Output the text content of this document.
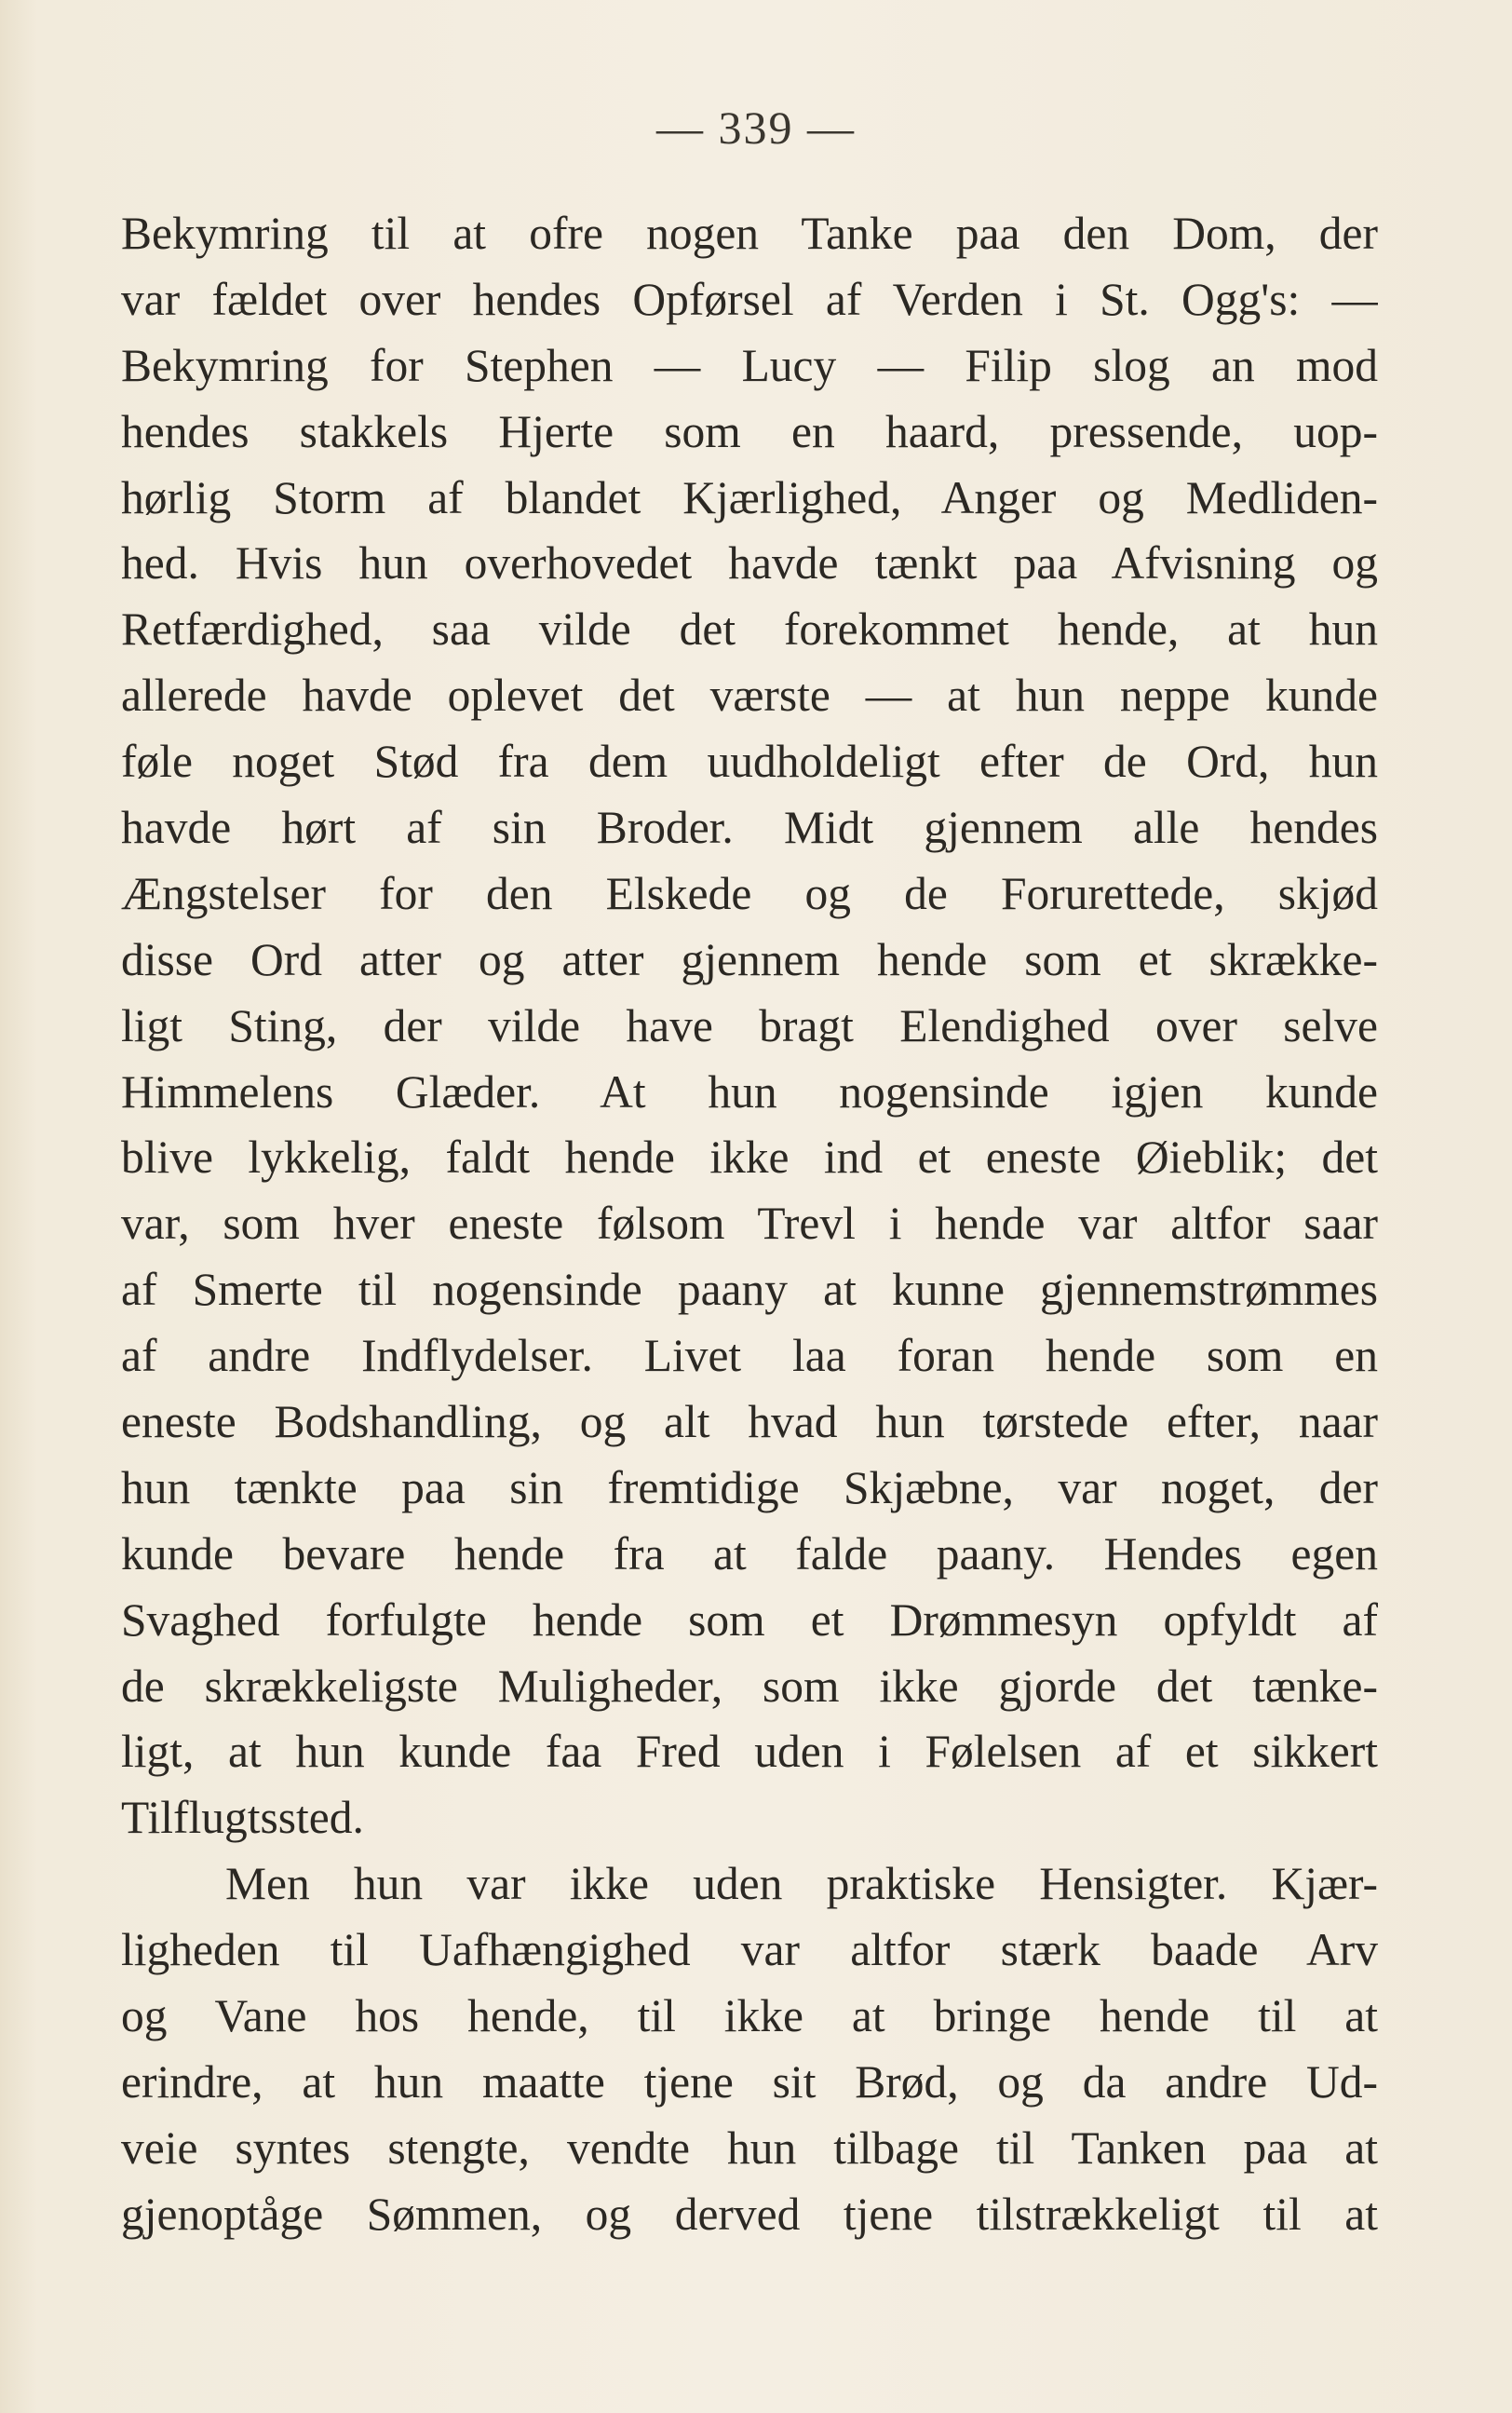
— 339 —
Bekymring til at ofre nogen Tanke paa den Dom, der
var fældet over hendes Opførsel af Verden i St. Ogg's: —
Bekymring for Stephen — Lucy — Filip slog an mod
hendes stakkels Hjerte som en haard, pressende, uop-
hørlig Storm af blandet Kjærlighed, Anger og Medliden-
hed. Hvis hun overhovedet havde tænkt paa Afvisning og
Retfærdighed, saa vilde det forekommet hende, at hun
allerede havde oplevet det værste — at hun neppe kunde
føle noget Stød fra dem uudholdeligt efter de Ord, hun
havde hørt af sin Broder. Midt gjennem alle hendes
Ængstelser for den Elskede og de Forurettede, skjød
disse Ord atter og atter gjennem hende som et skrække-
ligt Sting, der vilde have bragt Elendighed over selve
Himmelens Glæder. At hun nogensinde igjen kunde
blive lykkelig, faldt hende ikke ind et eneste Øieblik; det
var, som hver eneste følsom Trevl i hende var altfor saar
af Smerte til nogensinde paany at kunne gjennemstrømmes
af andre Indflydelser. Livet laa foran hende som en
eneste Bodshandling, og alt hvad hun tørstede efter, naar
hun tænkte paa sin fremtidige Skjæbne, var noget, der
kunde bevare hende fra at falde paany. Hendes egen
Svaghed forfulgte hende som et Drømmesyn opfyldt af
de skrækkeligste Muligheder, som ikke gjorde det tænke-
ligt, at hun kunde faa Fred uden i Følelsen af et sikkert
Tilflugtssted.
Men hun var ikke uden praktiske Hensigter. Kjær-
ligheden til Uafhængighed var altfor stærk baade Arv
og Vane hos hende, til ikke at bringe hende til at
erindre, at hun maatte tjene sit Brød, og da andre Ud-
veie syntes stengte, vendte hun tilbage til Tanken paa at
gjenoptåge Sømmen, og derved tjene tilstrækkeligt til at
